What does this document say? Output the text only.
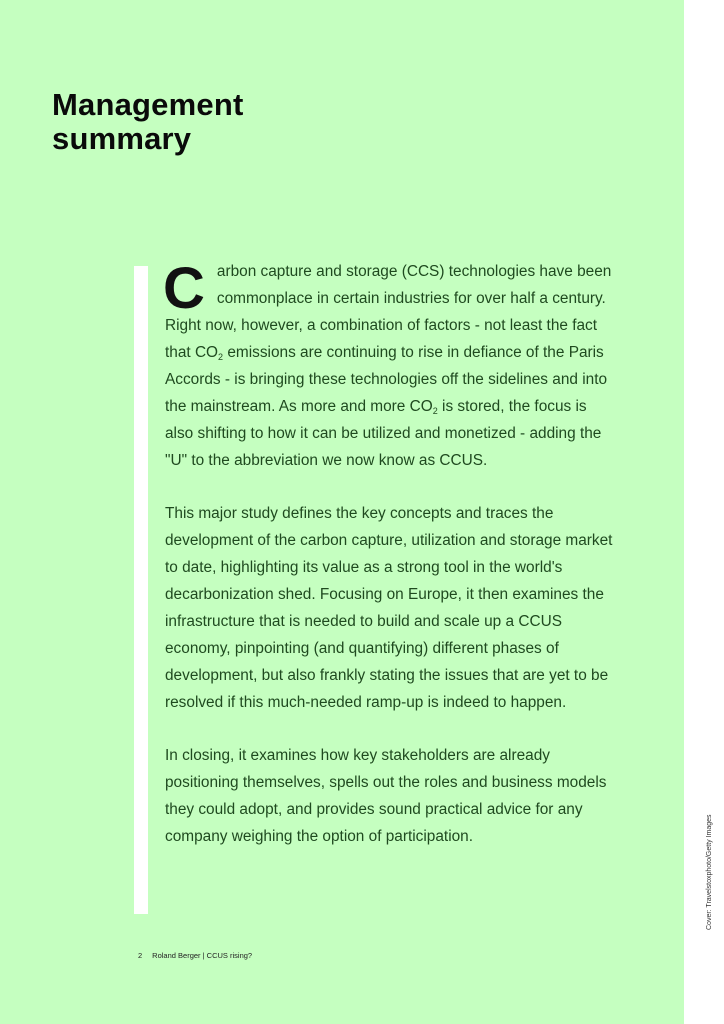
Management
summary

Carbon capture and storage (CCS) technologies have been commonplace in certain industries for over half a century. Right now, however, a combination of factors - not least the fact that $CO_2$ emissions are continuing to rise in defiance of the Paris Accords - is bringing these technologies off the sidelines and into the mainstream. As more and more $CO_2$ is stored, the focus is also shifting to how it can be utilized and monetized - adding the "U" to the abbreviation we now know as CCUS.

This major study defines the key concepts and traces the development of the carbon capture, utilization and storage market to date, highlighting its value as a strong tool in the world's decarbonization shed. Focusing on Europe, it then examines the infrastructure that is needed to build and scale up a CCUS economy, pinpointing (and quantifying) different phases of development, but also frankly stating the issues that are yet to be resolved if this much-needed ramp-up is indeed to happen.

In closing, it examines how key stakeholders are already positioning themselves, spells out the roles and business models they could adopt, and provides sound practical advice for any company weighing the option of participation.

2 Roland Berger | CCUS rising?
Cover: Travelstoxphoto/Getty Images
